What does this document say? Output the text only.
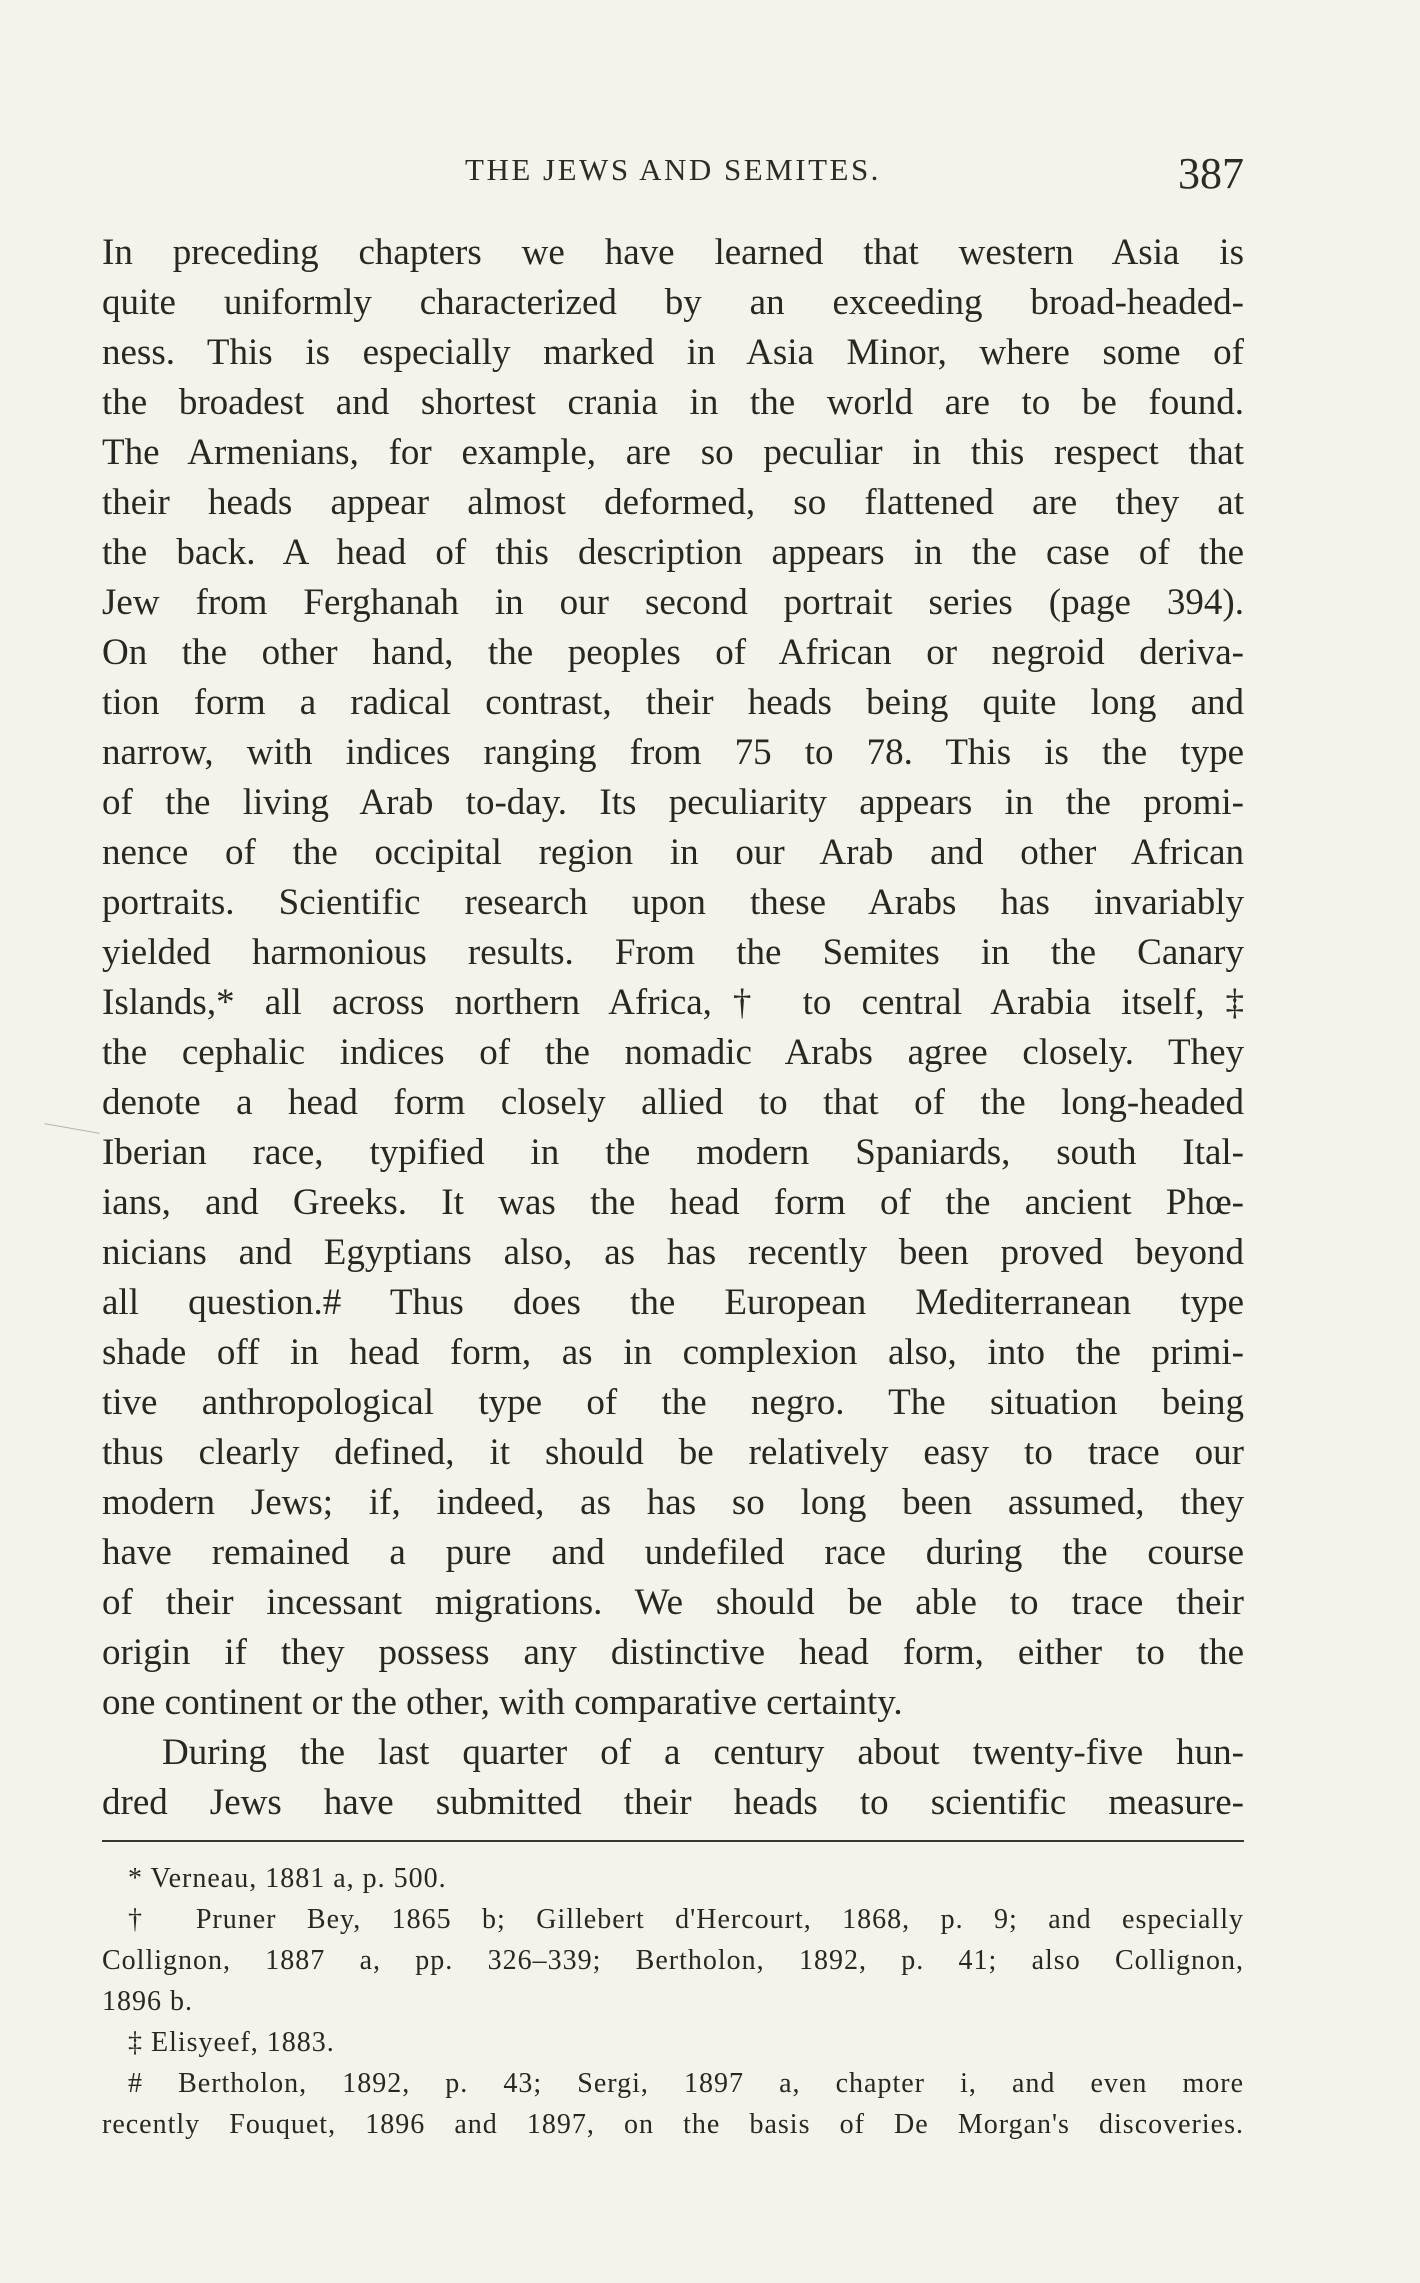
THE JEWS AND SEMITES.	387
In preceding chapters we have learned that western Asia is
quite uniformly characterized by an exceeding broad-headed-
ness. This is especially marked in Asia Minor, where some of
the broadest and shortest crania in the world are to be found.
The Armenians, for example, are so peculiar in this respect that
their heads appear almost deformed, so flattened are they at
the back. A head of this description appears in the case of the
Jew from Ferghanah in our second portrait series (page 394).
On the other hand, the peoples of African or negroid deriva-
tion form a radical contrast, their heads being quite long and
narrow, with indices ranging from 75 to 78. This is the type
of the living Arab to-day. Its peculiarity appears in the promi-
nence of the occipital region in our Arab and other African
portraits. Scientific research upon these Arabs has invariably
yielded harmonious results. From the Semites in the Canary
Islands,* all across northern Africa,† to central Arabia itself,‡
the cephalic indices of the nomadic Arabs agree closely. They
denote a head form closely allied to that of the long-headed
Iberian race, typified in the modern Spaniards, south Ital-
ians, and Greeks. It was the head form of the ancient Phœ-
nicians and Egyptians also, as has recently been proved beyond
all question.# Thus does the European Mediterranean type
shade off in head form, as in complexion also, into the primi-
tive anthropological type of the negro. The situation being
thus clearly defined, it should be relatively easy to trace our
modern Jews; if, indeed, as has so long been assumed, they
have remained a pure and undefiled race during the course
of their incessant migrations. We should be able to trace their
origin if they possess any distinctive head form, either to the
one continent or the other, with comparative certainty.
During the last quarter of a century about twenty-five hun-
dred Jews have submitted their heads to scientific measure-
* Verneau, 1881 a, p. 500.
† Pruner Bey, 1865 b; Gillebert d'Hercourt, 1868, p. 9; and especially
Collignon, 1887 a, pp. 326–339; Bertholon, 1892, p. 41; also Collignon,
1896 b.
‡ Elisyeef, 1883.
# Bertholon, 1892, p. 43; Sergi, 1897 a, chapter i, and even more
recently Fouquet, 1896 and 1897, on the basis of De Morgan's discoveries.
